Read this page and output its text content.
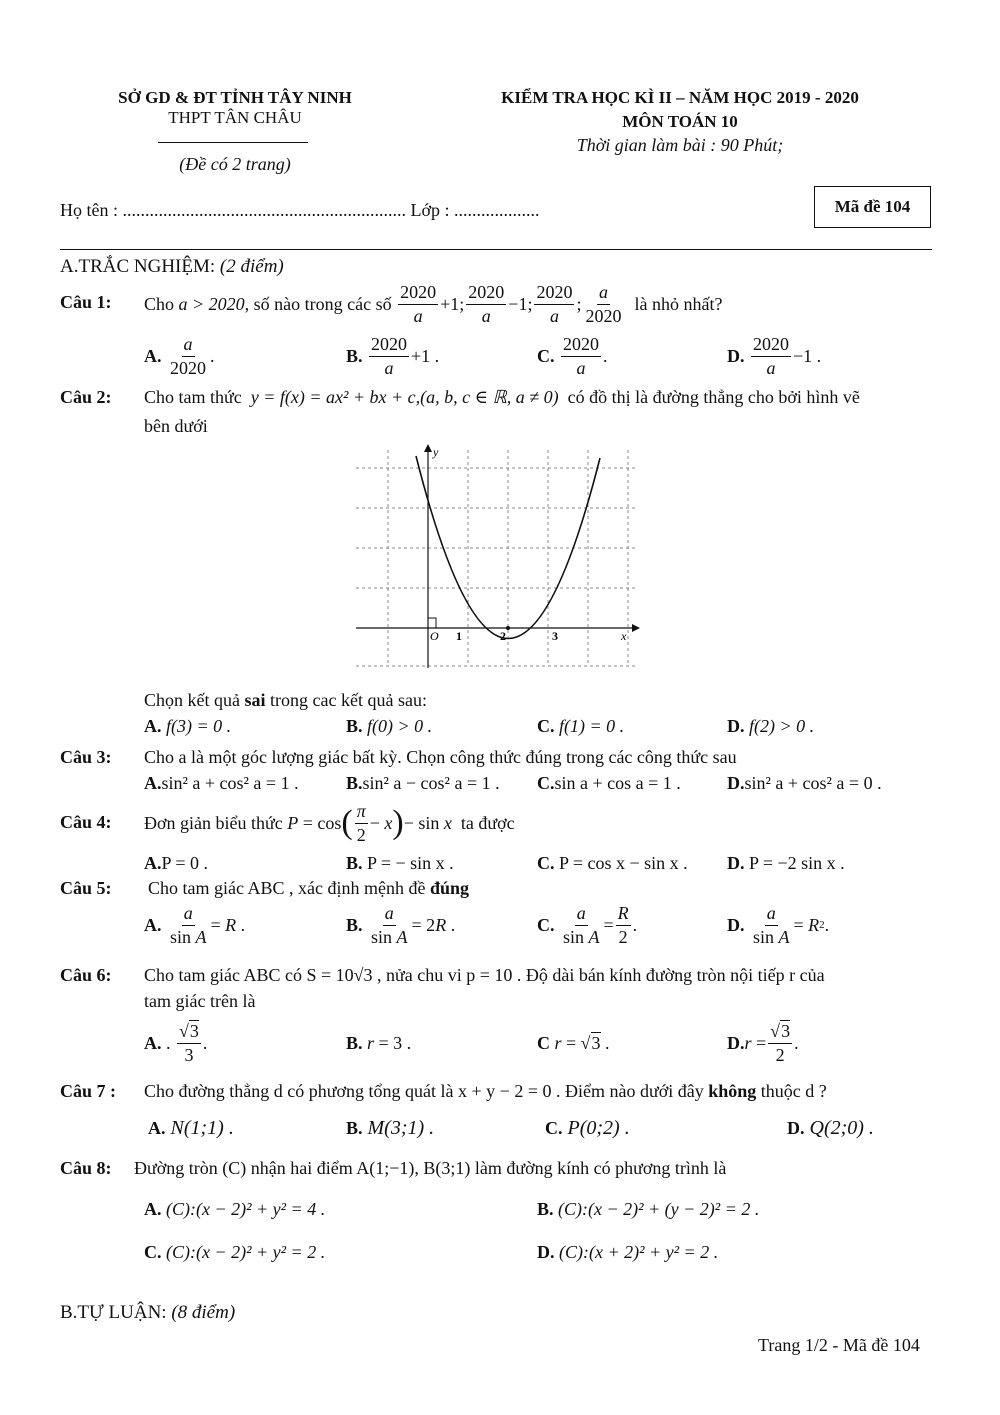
SỞ GD & ĐT TỈNH TÂY NINH
THPT TÂN CHÂU
(Đề có 2 trang)
KIỂM TRA HỌC KÌ II – NĂM HỌC 2019 - 2020
MÔN TOÁN 10
Thời gian làm bài : 90 Phút;
Họ tên : ............................................................... Lớp : ...................	Mã đề 104
A.TRẮC NGHIỆM: (2 điểm)
Câu 1: Cho
a > 2020 , số nào trong các số
$\frac{2020}{a} +1$; $\frac{2020}{a} -1$; $\frac{2020}{a}$ ; $\frac{a}{2020}$
là nhỏ nhất?
A.
$\frac{a}{2020}$ .	B.
$\frac{2020}{a} +1$ .	C.
$\frac{2020}{a}$ .	D.
$\frac{2020}{a} -1$ .
Câu 2: Cho tam thức y = f(x) = ax² + bx + c,(a, b, c ∈ ℝ, a ≠ 0) có đồ thị là đường thẳng cho bởi hình vẽ
bên dưới
y
x
O 1	2	3
Chọn kết quả sai trong cac kết quả sau:
A. f(3) = 0 .	B. f(0) > 0 .	C. f(1) = 0 .	D. f(2) > 0 .
Câu 3: Cho a là một góc lượng giác bất kỳ. Chọn công thức đúng trong các công thức sau
A.sin² a + cos² a = 1 .	B.sin² a − cos² a = 1 . C.sin a + cos a = 1 .	D.sin² a + cos² a = 0 .
Câu 4: Đơn giản biểu thức
P = cos ( $\frac{\pi}{2} - x$ ) − sin x
ta được
A.P = 0 .	B. P = − sin x .	C. P = cos x − sin x . D. P = −2 sin x .
Câu 5: Cho tam giác ABC , xác định mệnh đề đúng
A.
$\frac{a}{\text{sin A}} = R$ .	B.
$\frac{a}{\text{sin A}} = 2$ R .	C.
$\frac{a}{\text{sin A}} = \frac{R}{2}$ .	D.
$\frac{a}{\text{sin A}} = R$ 2 .
Câu 6: Cho tam giác ABC có S = 10√3 , nửa chu vi p = 10 . Độ dài bán kính đường tròn nội tiếp r của
tam giác trên là
A. . $\frac{√3}{3}$ .	B. r = 3 .	C r = √3 .	D. $r = \frac{√3}{2}$ .
Câu 7 : Cho đường thẳng d có phương tổng quát là x + y − 2 = 0 . Điểm nào dưới đây không thuộc d ?
A. N(1;1) .	B. M(3;1) .	C. P(0;2) .	D. Q(2;0) .
Câu 8: Đường tròn (C) nhận hai điểm A(1;−1), B(3;1) làm đường kính có phương trình là
A. (C):(x − 2)² + y² = 4 .	B. (C):(x − 2)² + (y − 2)² = 2 .
C. (C):(x − 2)² + y² = 2 .	D. (C):(x + 2)² + y² = 2 .
B.TỰ LUẬN: (8 điểm)
Trang 1/2 - Mã đề 104
